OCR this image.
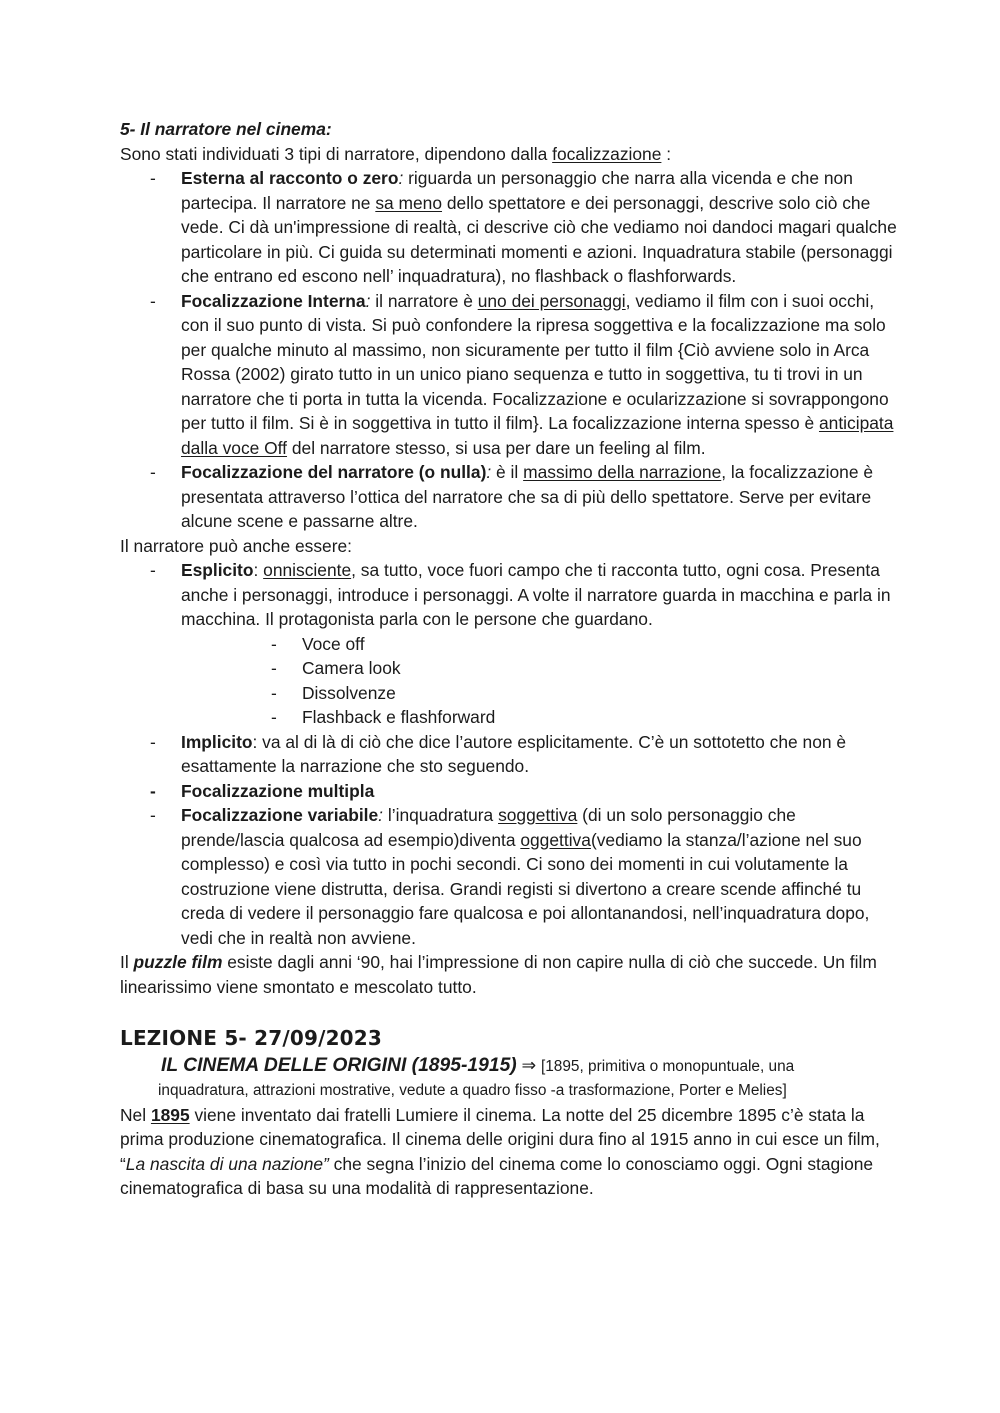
5- Il narratore nel cinema:

Sono stati individuati 3 tipi di narratore, dipendono dalla focalizzazione :

- Esterna al racconto o zero: riguarda un personaggio che narra alla vicenda e che non partecipa. Il narratore ne sa meno dello spettatore e dei personaggi, descrive solo ciò che vede. Ci dà un'impressione di realtà, ci descrive ciò che vediamo noi dandoci magari qualche particolare in più. Ci guida su determinati momenti e azioni. Inquadratura stabile (personaggi che entrano ed escono nell’ inquadratura), no flashback o flashforwards.
- Focalizzazione Interna: il narratore è uno dei personaggi, vediamo il film con i suoi occhi, con il suo punto di vista. Si può confondere la ripresa soggettiva e la focalizzazione ma solo per qualche minuto al massimo, non sicuramente per tutto il film {Ciò avviene solo in Arca Rossa (2002) girato tutto in un unico piano sequenza e tutto in soggettiva, tu ti trovi in un narratore che ti porta in tutta la vicenda. Focalizzazione e ocularizzazione si sovrappongono per tutto il film. Si è in soggettiva in tutto il film}. La focalizzazione interna spesso è anticipata dalla voce Off del narratore stesso, si usa per dare un feeling al film.
- Focalizzazione del narratore (o nulla): è il massimo della narrazione, la focalizzazione è presentata attraverso l’ottica del narratore che sa di più dello spettatore. Serve per evitare alcune scene e passarne altre.

Il narratore può anche essere:

- Esplicito: onnisciente, sa tutto, voce fuori campo che ti racconta tutto, ogni cosa. Presenta anche i personaggi, introduce i personaggi. A volte il narratore guarda in macchina e parla in macchina. Il protagonista parla con le persone che guardano.
- Voce off
- Camera look
- Dissolvenze
- Flashback e flashforward
- Implicito: va al di là di ciò che dice l’autore esplicitamente. C’è un sottotetto che non è esattamente la narrazione che sto seguendo.
- Focalizzazione multipla
- Focalizzazione variabile: l’inquadratura soggettiva (di un solo personaggio che prende/lascia qualcosa ad esempio)diventa oggettiva(vediamo la stanza/l’azione nel suo complesso) e così via tutto in pochi secondi. Ci sono dei momenti in cui volutamente la costruzione viene distrutta, derisa. Grandi registi si divertono a creare scende affinché tu creda di vedere il personaggio fare qualcosa e poi allontanandosi, nell’inquadratura dopo, vedi che in realtà non avviene.

Il puzzle film esiste dagli anni ‘90, hai l’impressione di non capire nulla di ciò che succede. Un film linearissimo viene smontato e mescolato tutto.

LEZIONE 5- 27/09/2023

IL CINEMA DELLE ORIGINI (1895-1915) ⇒ [1895, primitiva o monopuntuale, una

inquadratura, attrazioni mostrative, vedute a quadro fisso -a trasformazione, Porter e Melies]

Nel 1895 viene inventato dai fratelli Lumiere il cinema. La notte del 25 dicembre 1895 c’è stata la prima produzione cinematografica. Il cinema delle origini dura fino al 1915 anno in cui esce un film, “La nascita di una nazione” che segna l’inizio del cinema come lo conosciamo oggi. Ogni stagione cinematografica di basa su una modalità di rappresentazione.
